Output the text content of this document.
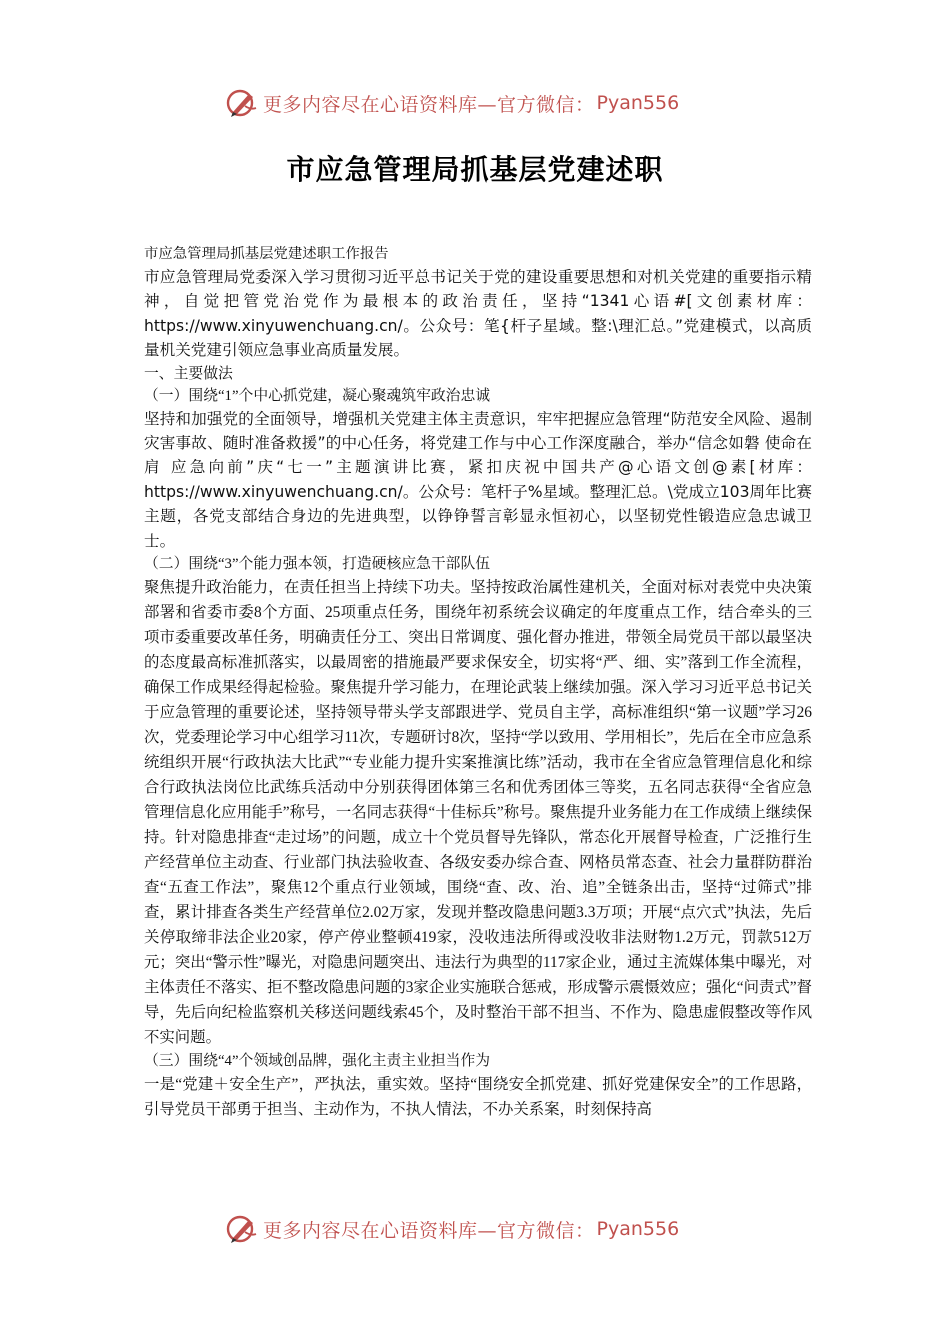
更多内容尽在心语资料库—官方微信： Pyan556
市应急管理局抓基层党建述职

市应急管理局抓基层党建述职工作报告

市应急管理局党委深入学习贯彻习近平总书记关于党的建设重要思想和对机关党建的重要指示精神，自觉把管党治党作为最根本的政治责任，坚持“1341心语#[文创素材库：https://www.xinyuwenchuang.cn/。公众号：笔{杆子星域。整:\理汇总。”党建模式，以高质量机关党建引领应急事业高质量发展。

一、主要做法

（一）围绕“1”个中心抓党建，凝心聚魂筑牢政治忠诚

坚持和加强党的全面领导，增强机关党建主体主责意识，牢牢把握应急管理“防范安全风险、遏制灾害事故、随时准备救援”的中心任务，将党建工作与中心工作深度融合，举办“信念如磐 使命在肩 应急向前”庆“七一”主题演讲比赛，紧扣庆祝中国共产@心语文创@素[材库：https://www.xinyuwenchuang.cn/。公众号：笔杆子%星域。整理汇总。\党成立103周年比赛主题，各党支部结合身边的先进典型，以铮铮誓言彰显永恒初心，以坚韧党性锻造应急忠诚卫士。

（二）围绕“3”个能力强本领，打造硬核应急干部队伍

聚焦提升政治能力，在责任担当上持续下功夫。坚持按政治属性建机关，全面对标对表党中央决策部署和省委市委8个方面、25项重点任务，围绕年初系统会议确定的年度重点工作，结合牵头的三项市委重要改革任务，明确责任分工、突出日常调度、强化督办推进，带领全局党员干部以最坚决的态度最高标准抓落实，以最周密的措施最严要求保安全，切实将“严、细、实”落到工作全流程，确保工作成果经得起检验。聚焦提升学习能力，在理论武装上继续加强。深入学习习近平总书记关于应急管理的重要论述，坚持领导带头学支部跟进学、党员自主学，高标准组织“第一议题”学习26次，党委理论学习中心组学习11次，专题研讨8次，坚持“学以致用、学用相长”，先后在全市应急系统组织开展“行政执法大比武”“专业能力提升实案推演比练”活动，我市在全省应急管理信息化和综合行政执法岗位比武练兵活动中分别获得团体第三名和优秀团体三等奖，五名同志获得“全省应急管理信息化应用能手”称号，一名同志获得“十佳标兵”称号。聚焦提升业务能力在工作成绩上继续保持。针对隐患排查“走过场”的问题，成立十个党员督导先锋队，常态化开展督导检查，广泛推行生产经营单位主动查、行业部门执法验收查、各级安委办综合查、网格员常态查、社会力量群防群治查“五查工作法”，聚焦12个重点行业领域，围绕“查、改、治、追”全链条出击，坚持“过筛式”排查，累计排查各类生产经营单位2.02万家，发现并整改隐患问题3.3万项；开展“点穴式”执法，先后关停取缔非法企业20家，停产停业整顿419家，没收违法所得或没收非法财物1.2万元，罚款512万元；突出“警示性”曝光，对隐患问题突出、违法行为典型的117家企业，通过主流媒体集中曝光，对主体责任不落实、拒不整改隐患问题的3家企业实施联合惩戒，形成警示震慑效应；强化“问责式”督导，先后向纪检监察机关移送问题线索45个，及时整治干部不担当、不作为、隐患虚假整改等作风不实问题。

（三）围绕“4”个领域创品牌，强化主责主业担当作为

一是“党建＋安全生产”，严执法，重实效。坚持“围绕安全抓党建、抓好党建保安全”的工作思路，引导党员干部勇于担当、主动作为，不执人情法，不办关系案，时刻保持高

更多内容尽在心语资料库—官方微信： Pyan556
